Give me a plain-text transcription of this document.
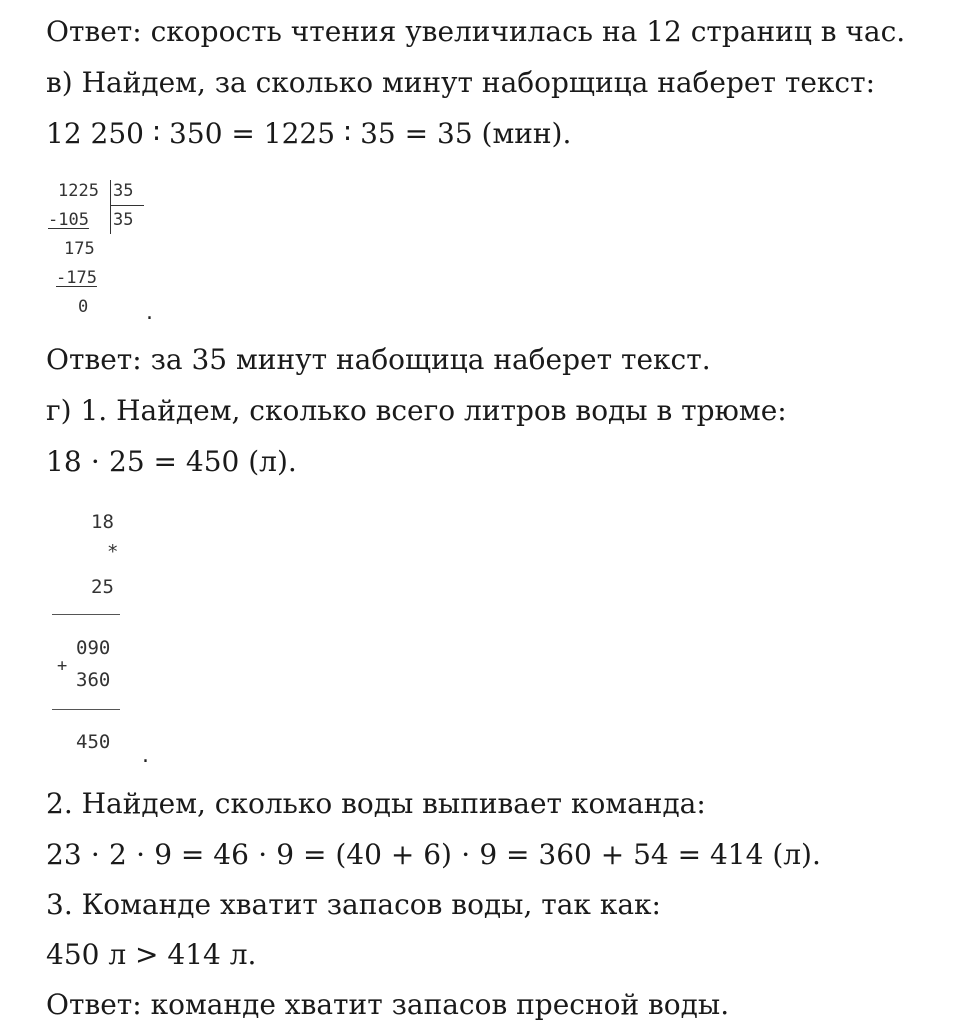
Ответ: скорость чтения увеличилась на 12 страниц в час.
в) Найдем, за сколько минут наборщица наберет текст:
12 250 ∶ 350 = 1225 ∶ 35 = 35 (мин).
1225 35
-105 35
175
-175
0	.
Ответ: за 35 минут набощица наберет текст.
г) 1. Найдем, сколько всего литров воды в трюме:
18 ⋅ 25 = 450 (л).
18
*
25
090
+
360
450
.
2. Найдем, сколько воды выпивает команда:
23 ⋅ 2 ⋅ 9 = 46 ⋅ 9 = (40 + 6) ⋅ 9 = 360 + 54 = 414 (л).
3. Команде хватит запасов воды, так как:
450 л > 414 л.
Ответ: команде хватит запасов пресной воды.
